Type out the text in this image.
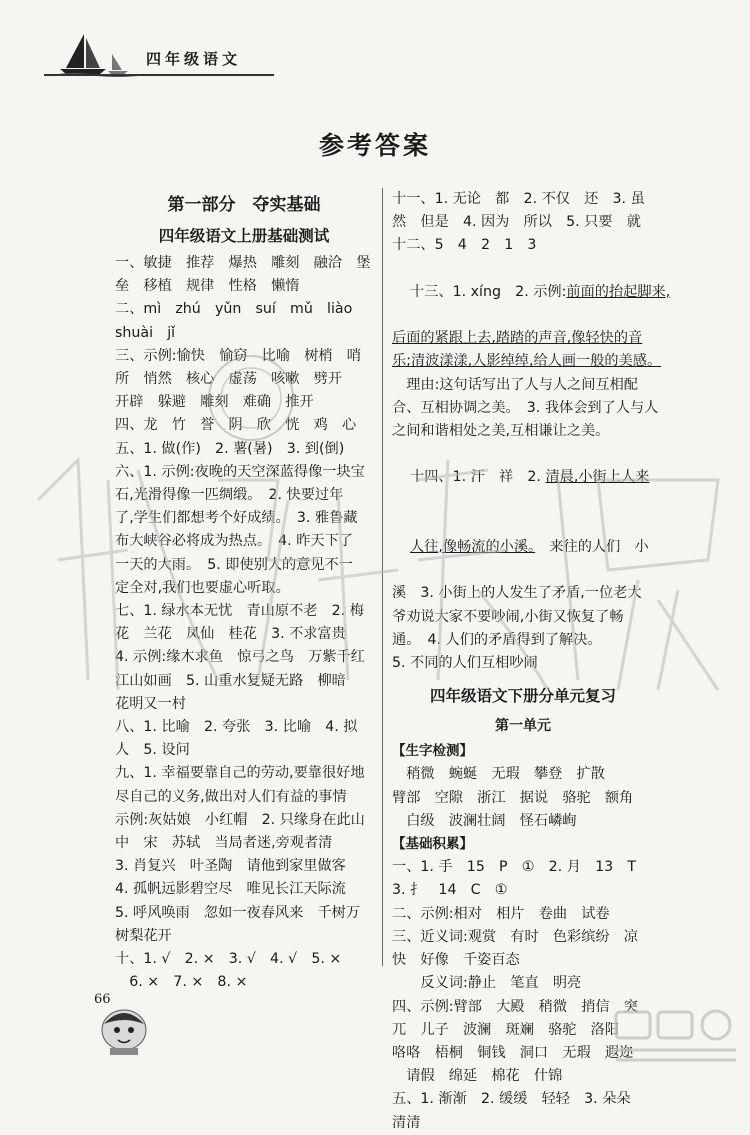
四年级语文
参考答案
第一部分　夺实基础
四年级语文上册基础测试
一、敏捷　推荐　爆热　雕刻　融洽　堡
垒　移植　规律　性格　懒惰
二、mì　zhú　yǔn　suí　mǔ　liào
shuài　jǐ
三、示例:愉快　愉窃　比喻　树梢　哨
所　悄然　核心　虚荡　咳嗽　劈开
开辟　躲避　雕刻　难确　推开
四、龙　竹　誉　阴　欣　恍　鸡　心
五、1. 做(作)　2. 薯(暑)　3. 到(倒)
六、1. 示例:夜晚的天空深蓝得像一块宝
石,光滑得像一匹绸缎。　2. 快要过年
了,学生们都想考个好成绩。　3. 雅鲁藏
布大峡谷必将成为热点。　4. 昨天下了
一天的大雨。　5. 即使别人的意见不一
定全对,我们也要虚心听取。
七、1. 绿水本无忧　青山原不老　2. 梅
花　兰花　凤仙　桂花　3. 不求富贵
4. 示例:缘木求鱼　惊弓之鸟　万紫千红
江山如画　5. 山重水复疑无路　柳暗
花明又一村
八、1. 比喻　2. 夸张　3. 比喻　4. 拟
人　5. 设问
九、1. 幸福要靠自己的劳动,要靠很好地
尽自己的义务,做出对人们有益的事情
示例:灰姑娘　小红帽　2. 只缘身在此山
中　宋　苏轼　当局者迷,旁观者清
3. 肖复兴　叶圣陶　请他到家里做客
4. 孤帆远影碧空尽　唯见长江天际流
5. 呼风唤雨　忽如一夜春风来　千树万
树梨花开
十、1. √　2. ×　3. √　4. √　5. ×
　6. ×　7. ×　8. ×
十一、1. 无论　都　2. 不仅　还　3. 虽
然　但是　4. 因为　所以　5. 只要　就
十二、5　4　2　1　3

十三、1. xíng　2. 示例:前面的抬起脚来,

后面的紧跟上去,踏踏的声音,像轻快的音
乐;清波漾漾,人影绰绰,给人画一般的美感。
　理由:这句话写出了人与人之间互相配
合、互相协调之美。　3. 我体会到了人与人
之间和谐相处之美,互相谦让之美。

十四、1. 汗　祥　2. 清晨,小街上人来

人往,像畅流的小溪。　来往的人们　小

溪　3. 小街上的人发生了矛盾,一位老大
爷劝说大家不要吵闹,小街又恢复了畅
通。　4. 人们的矛盾得到了解决。
5. 不同的人们互相吵闹
四年级语文下册分单元复习
第一单元
【生字检测】
　稍微　蜿蜒　无瑕　攀登　扩散
臂部　空隙　浙江　据说　骆驼　额角
　白级　波澜壮阔　怪石嶙峋
【基础积累】
一、1. 手　15　P　①　2. 月　13　T
3. 扌　14　C　①
二、示例:相对　相片　卷曲　试卷
三、近义词:观赏　有时　色彩缤纷　凉
快　好像　千姿百态
　　反义词:静止　笔直　明亮
四、示例:臂部　大殿　稍微　捎信　突
兀　儿子　波澜　斑斓　骆驼　洛阳
咯咯　梧桐　铜钱　洞口　无瑕　遐迩
　请假　绵延　棉花　什锦
五、1. 渐渐　2. 缓缓　轻轻　3. 朵朵
清清
66
